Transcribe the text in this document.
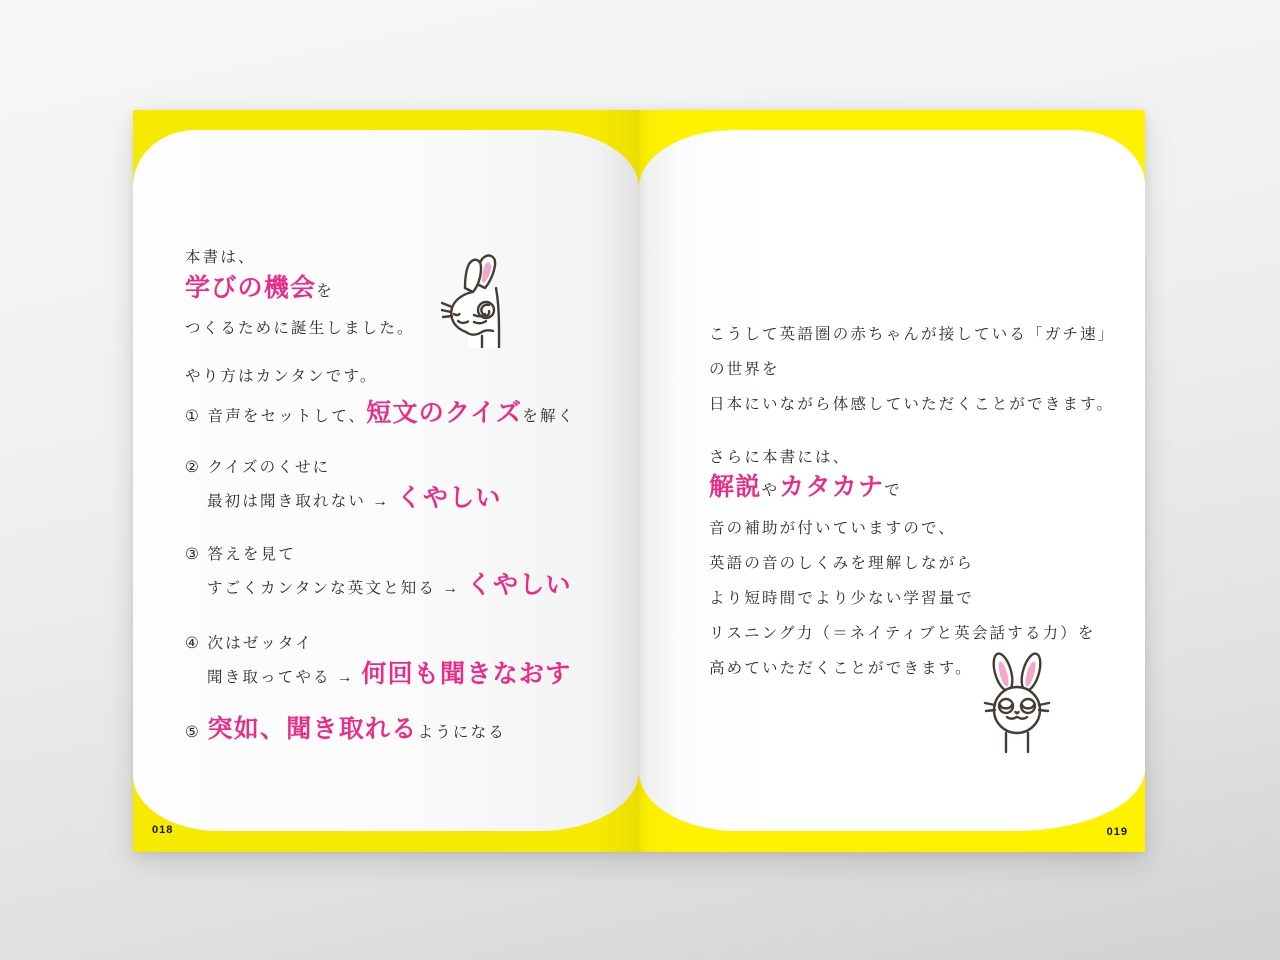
本書は、
学びの機会を
つくるために誕生しました。
やり方はカンタンです。
① 音声をセットして、短文のクイズを解く
② クイズのくせに
最初は聞き取れない → くやしい
③ 答えを見て
すごくカンタンな英文と知る → くやしい
④ 次はゼッタイ
聞き取ってやる → 何回も聞きなおす
⑤ 突如、聞き取れるようになる
018
こうして英語圏の赤ちゃんが接している「ガチ速」
の世界を
日本にいながら体感していただくことができます。
さらに本書には、
解説やカタカナで
音の補助が付いていますので、
英語の音のしくみを理解しながら
より短時間でより少ない学習量で
リスニング力（＝ネイティブと英会話する力）を
高めていただくことができます。
019
